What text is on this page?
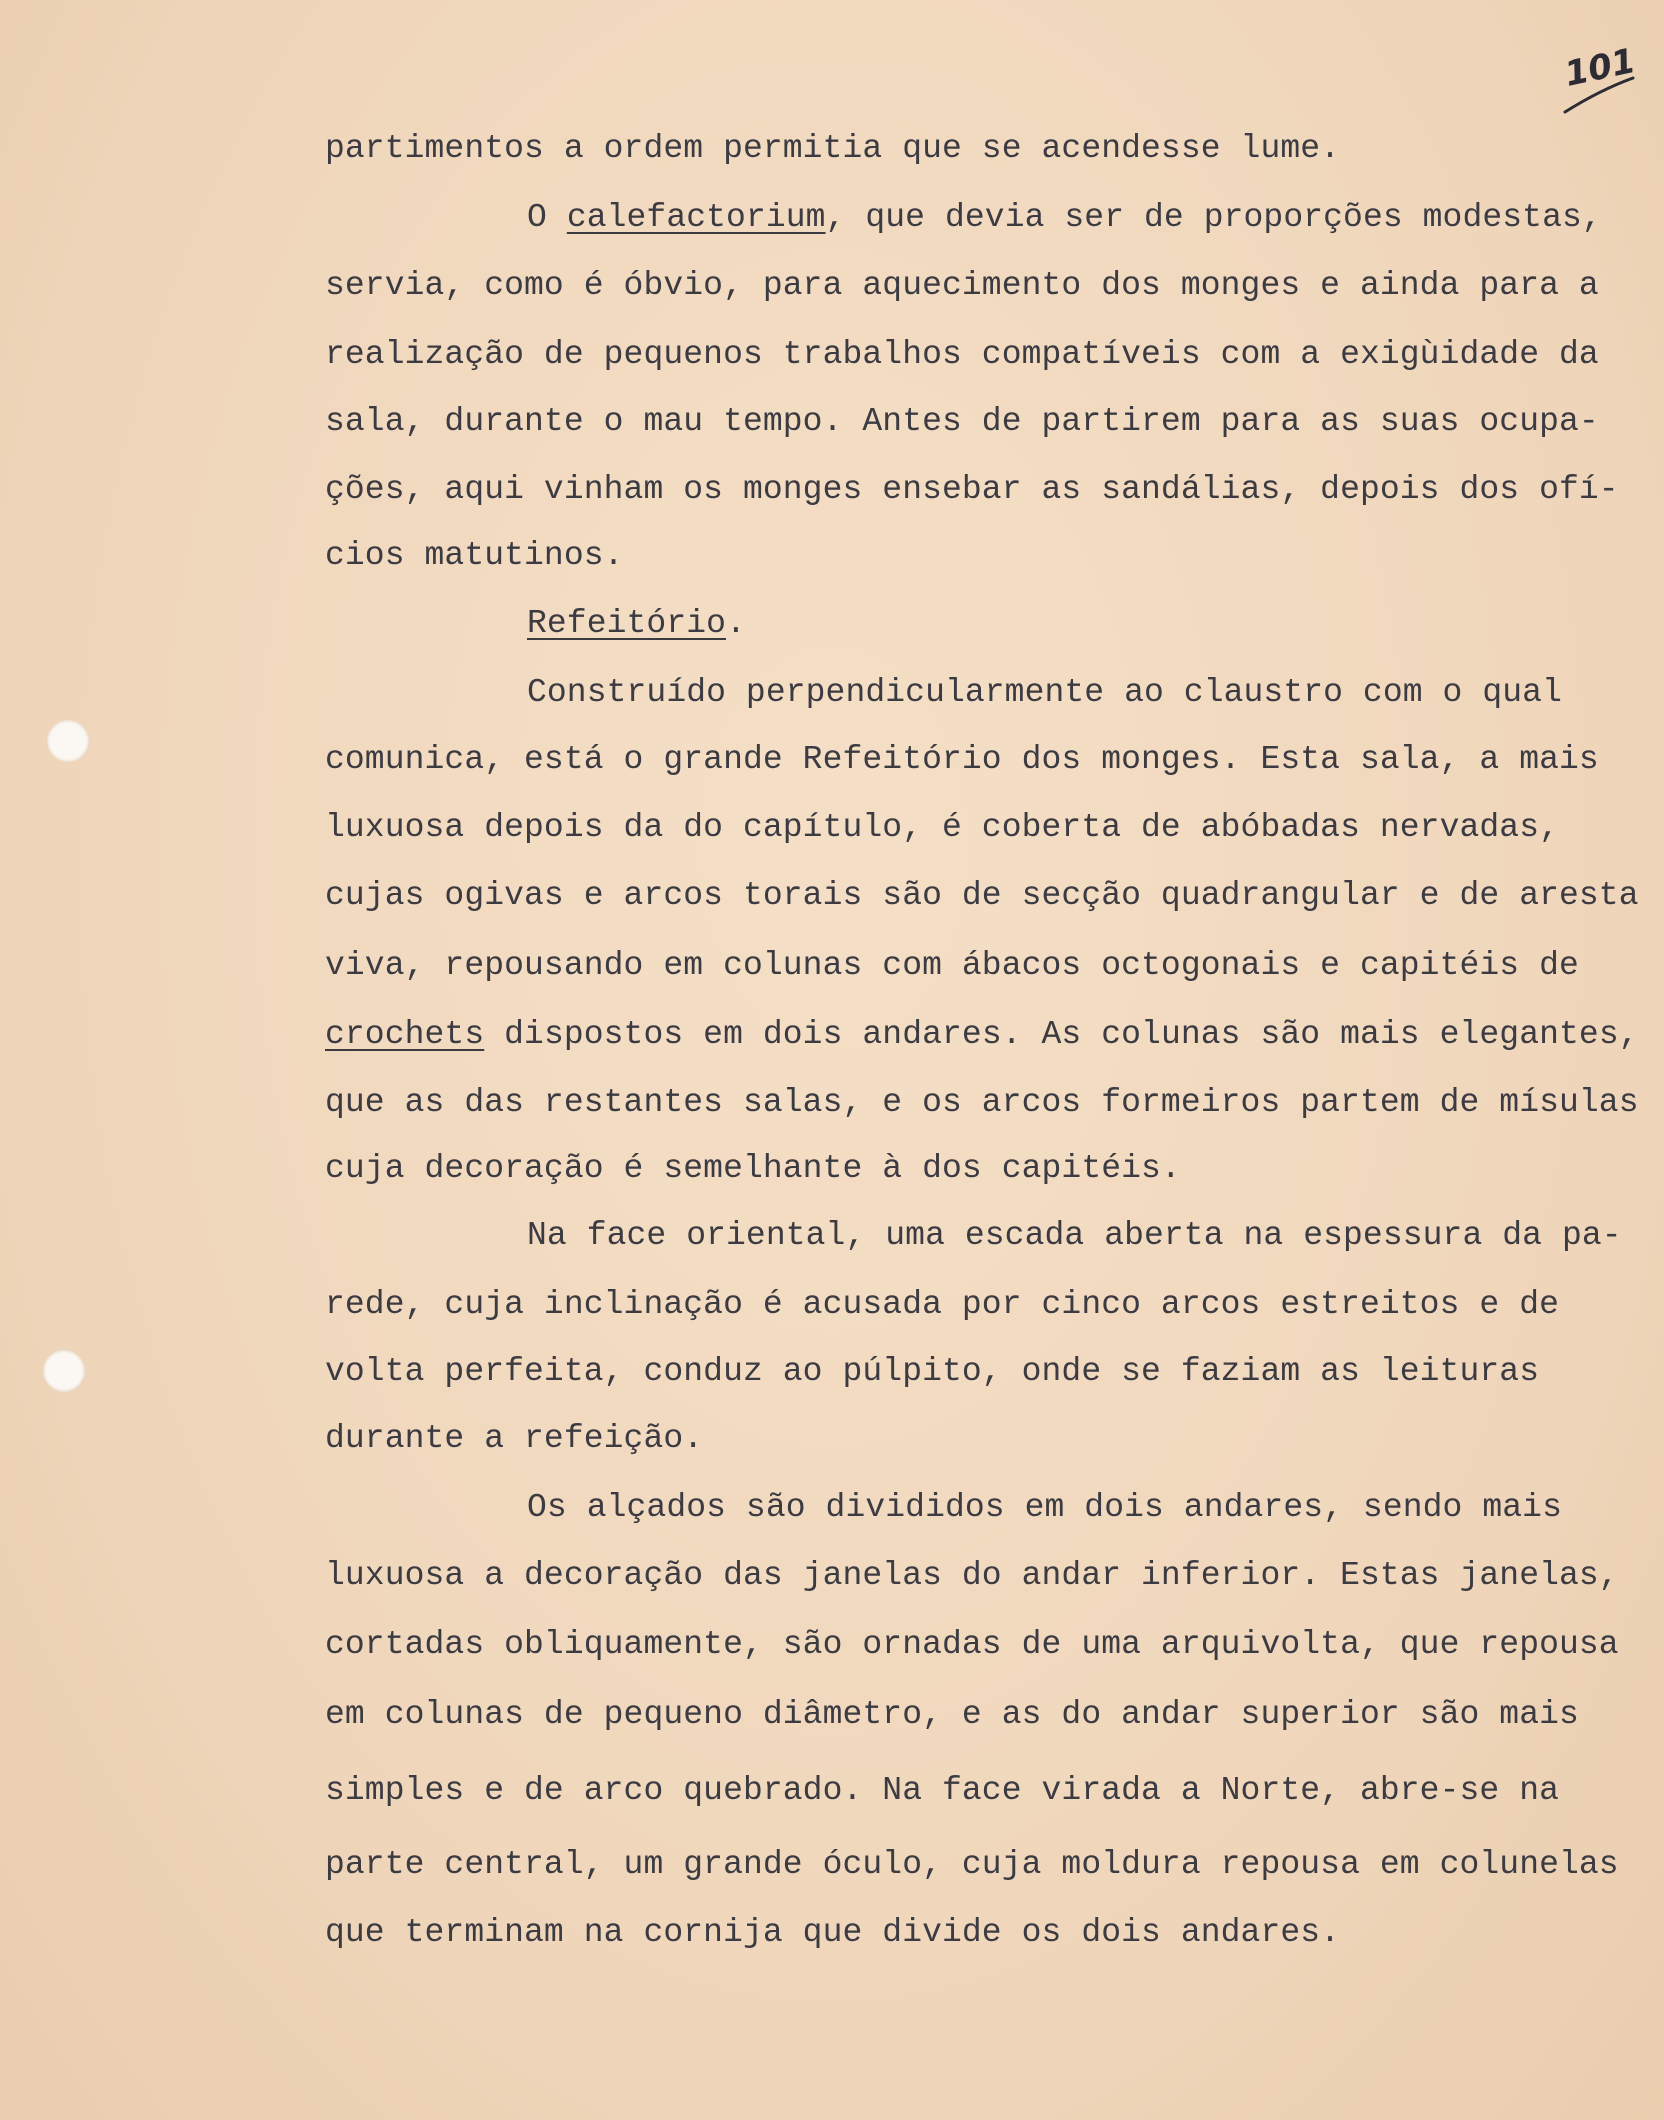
101
partimentos a ordem permitia que se acendesse lume.
O calefactorium, que devia ser de proporções modestas,
servia, como é óbvio, para aquecimento dos monges e ainda para a
realização de pequenos trabalhos compatíveis com a exigùidade da
sala, durante o mau tempo. Antes de partirem para as suas ocupa-
ções, aqui vinham os monges ensebar as sandálias, depois dos ofí-
cios matutinos.
Refeitório.
Construído perpendicularmente ao claustro com o qual
comunica, está o grande Refeitório dos monges. Esta sala, a mais
luxuosa depois da do capítulo, é coberta de abóbadas nervadas,
cujas ogivas e arcos torais são de secção quadrangular e de aresta
viva, repousando em colunas com ábacos octogonais e capitéis de
crochets dispostos em dois andares. As colunas são mais elegantes,
que as das restantes salas, e os arcos formeiros partem de mísulas
cuja decoração é semelhante à dos capitéis.
Na face oriental, uma escada aberta na espessura da pa-
rede, cuja inclinação é acusada por cinco arcos estreitos e de
volta perfeita, conduz ao púlpito, onde se faziam as leituras
durante a refeição.
Os alçados são divididos em dois andares, sendo mais
luxuosa a decoração das janelas do andar inferior. Estas janelas,
cortadas obliquamente, são ornadas de uma arquivolta, que repousa
em colunas de pequeno diâmetro, e as do andar superior são mais
simples e de arco quebrado. Na face virada a Norte, abre-se na
parte central, um grande óculo, cuja moldura repousa em colunelas
que terminam na cornija que divide os dois andares.
